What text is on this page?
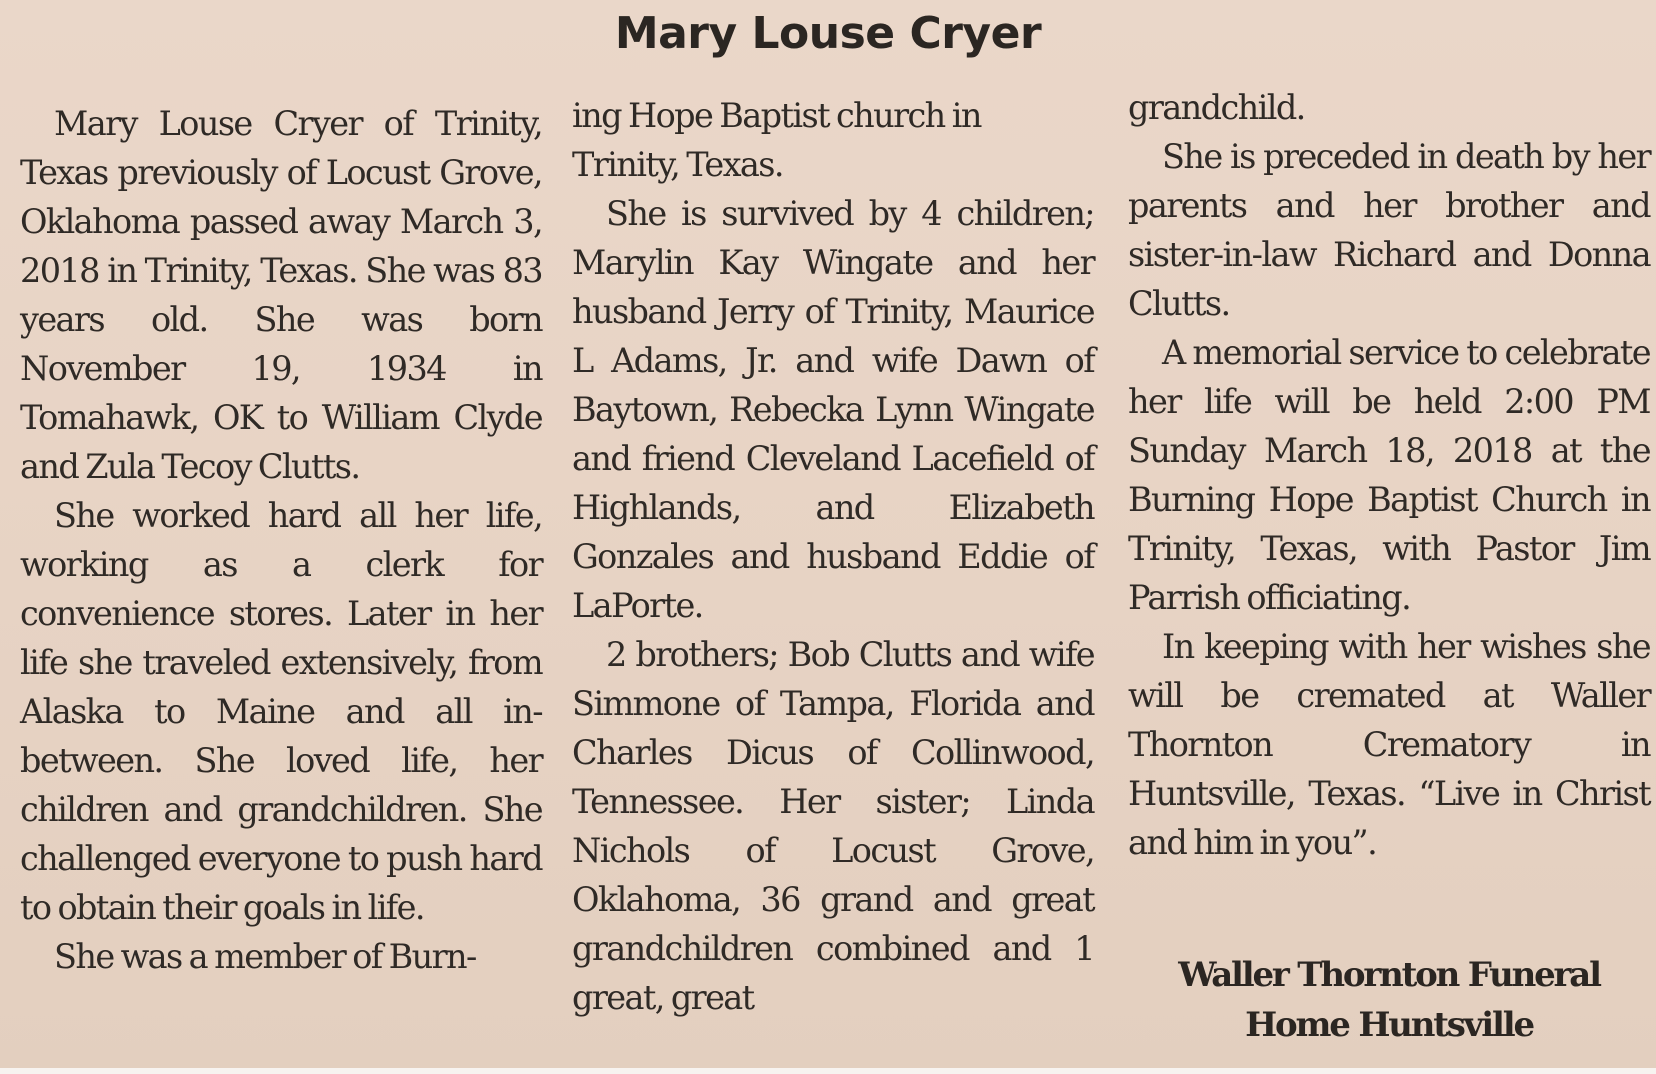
Mary Louse Cryer

Mary Louse Cryer of Trinity, Texas previously of Locust Grove, Oklahoma passed away March 3, 2018 in Trinity, Texas. She was 83 years old. She was born November 19, 1934 in Tomahawk, OK to William Clyde and Zula Tecoy Clutts.

She worked hard all her life, working as a clerk for convenience stores. Later in her life she traveled extensively, from Alaska to Maine and all in-between. She loved life, her children and grandchildren. She challenged everyone to push hard to obtain their goals in life.

She was a member of Burn-

ing Hope Baptist church in Trinity, Texas.

She is survived by 4 children; Marylin Kay Wingate and her husband Jerry of Trinity, Maurice L Adams, Jr. and wife Dawn of Baytown, Rebecka Lynn Wingate and friend Cleveland Lacefield of Highlands, and Elizabeth Gonzales and husband Eddie of LaPorte.

2 brothers; Bob Clutts and wife Simmone of Tampa, Florida and Charles Dicus of Collinwood, Tennessee. Her sister; Linda Nichols of Locust Grove, Oklahoma, 36 grand and great grandchildren combined and 1 great, great

grandchild.

She is preceded in death by her parents and her brother and sister-in-law Richard and Donna Clutts.

A memorial service to celebrate her life will be held 2:00 PM Sunday March 18, 2018 at the Burning Hope Baptist Church in Trinity, Texas, with Pastor Jim Parrish officiating.

In keeping with her wishes she will be cremated at Waller Thornton Crematory in Huntsville, Texas. “Live in Christ and him in you”.

Waller Thornton Funeral
Home Huntsville
